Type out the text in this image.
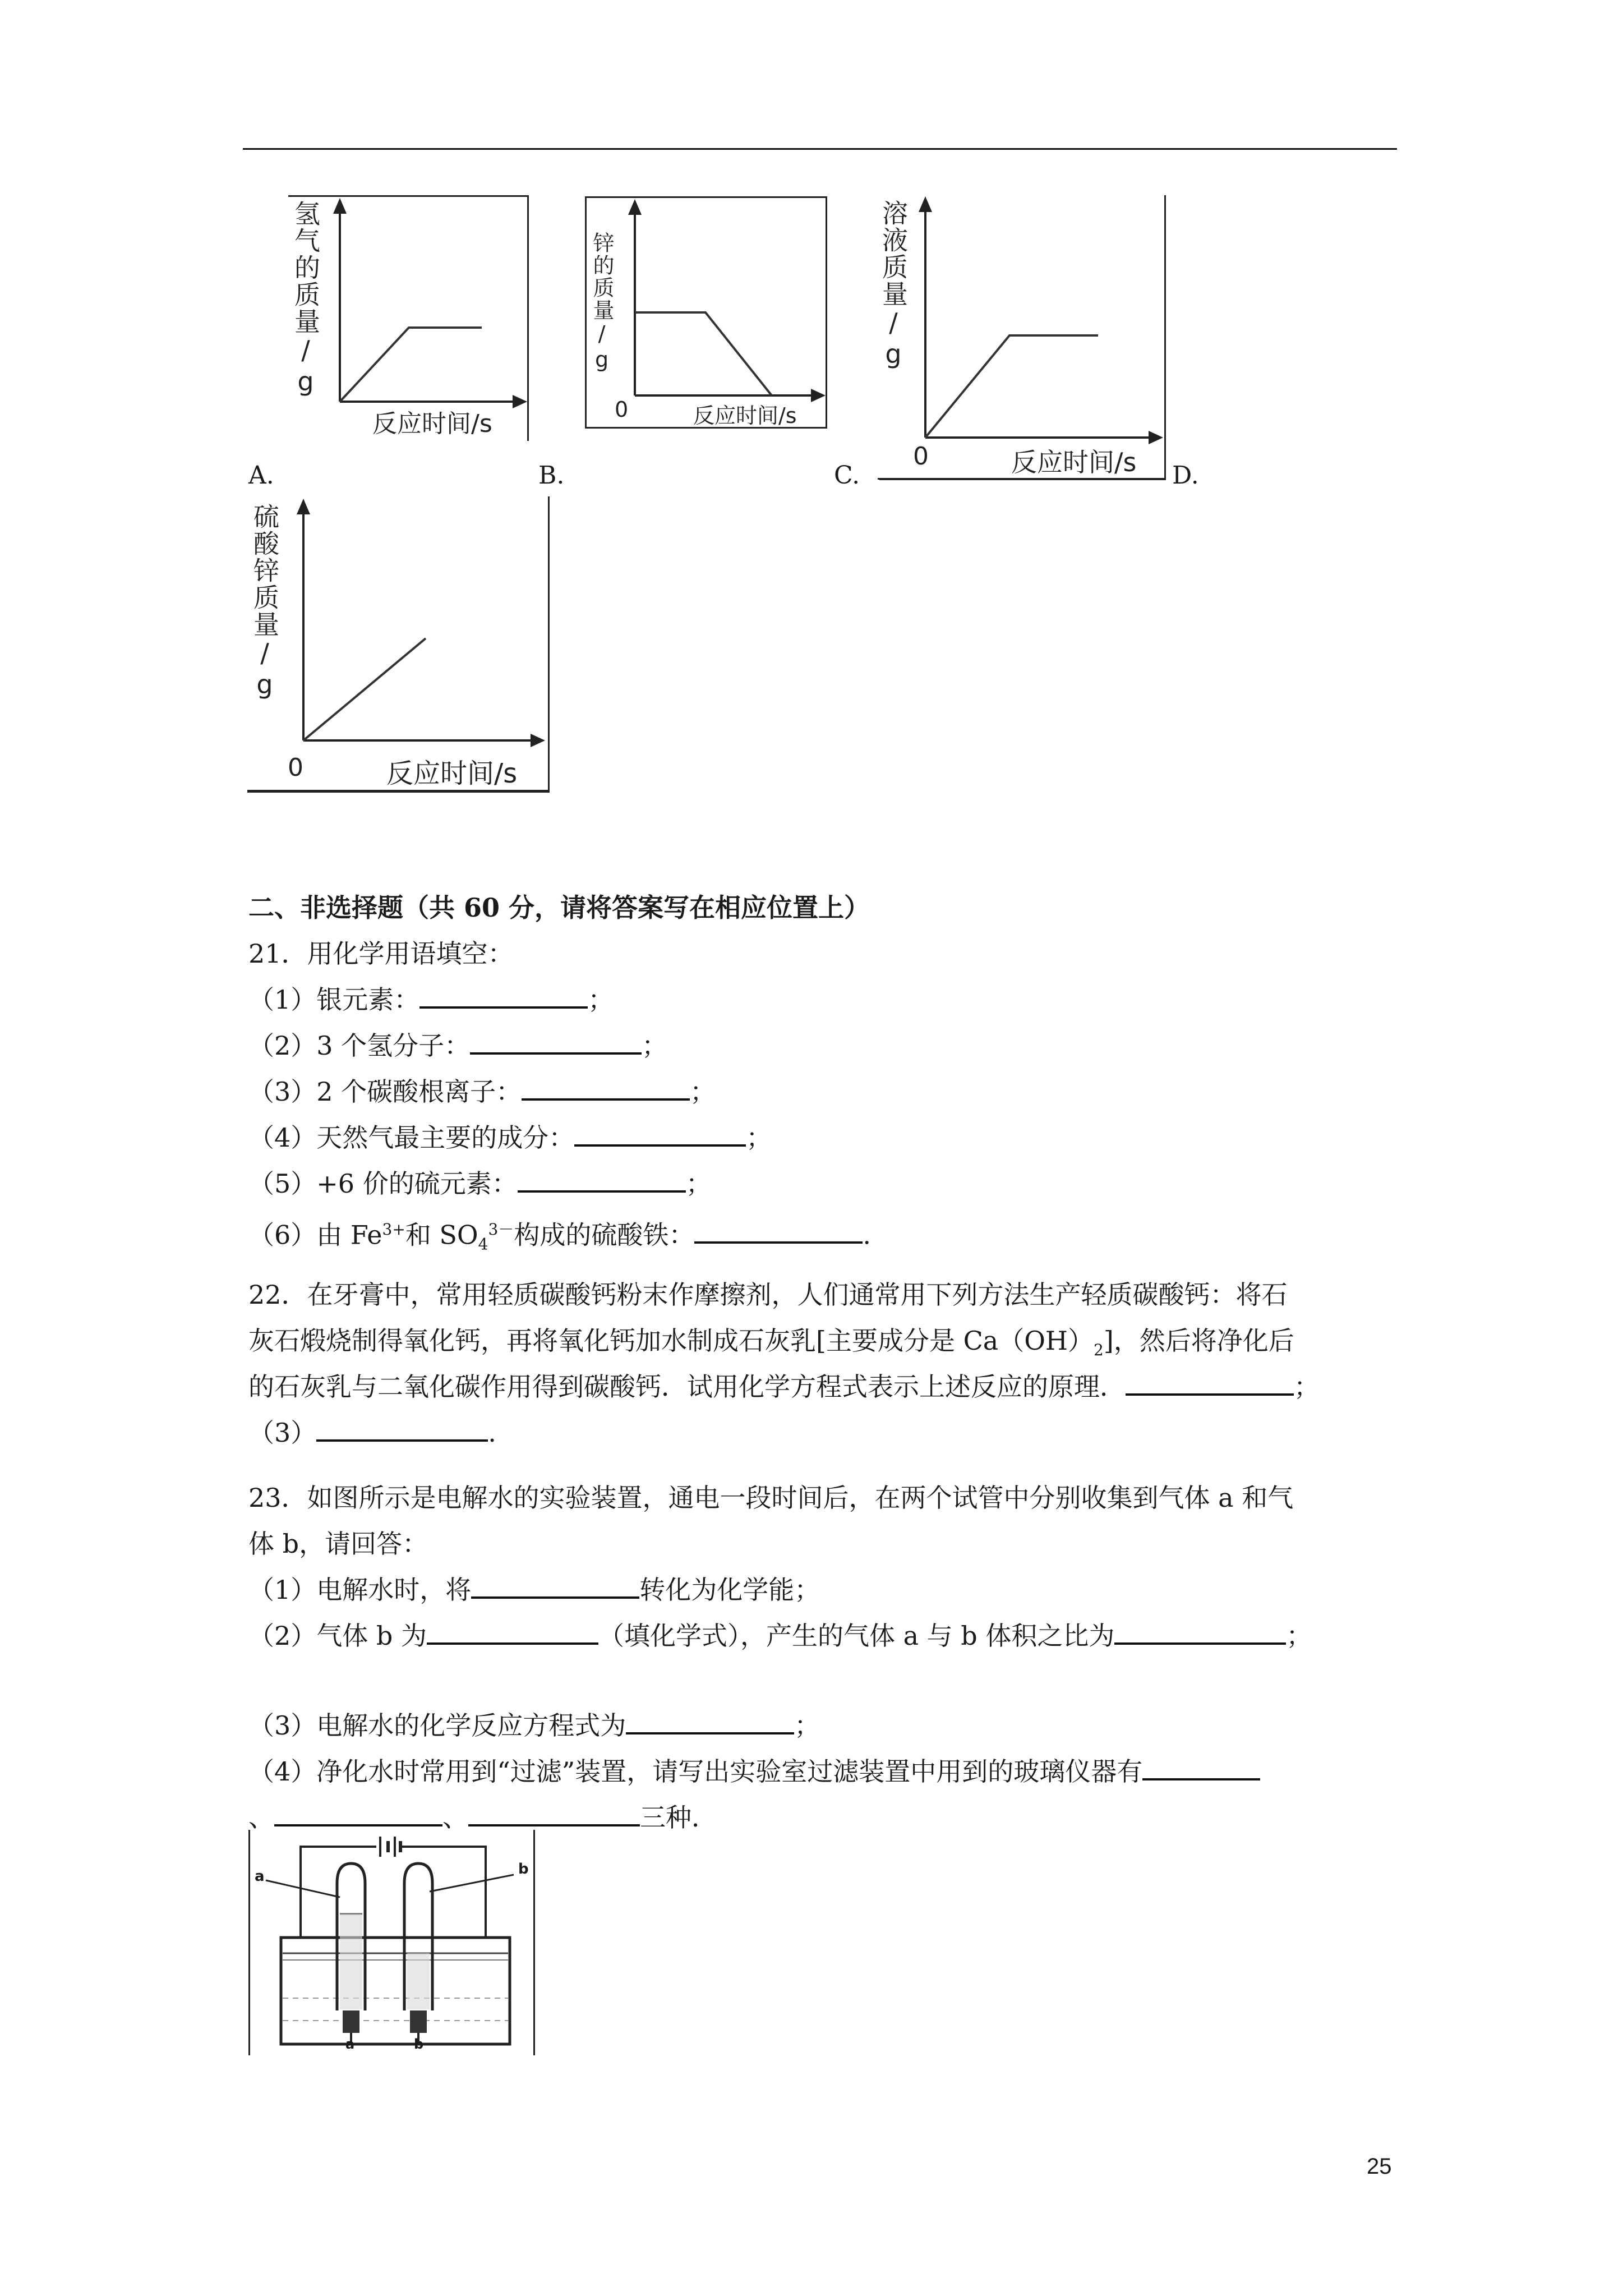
氢气的质量/g
反应时间/s
A.
锌的质量/g
0	反应时间/s
B.
溶液质量/g
0	反应时间/s
C.	D.
硫酸锌质量/g
0	反应时间/s
二、非选择题（共 60 分，请将答案写在相应位置上）
21．用化学用语填空：
（1）银元素：	；
（2）3 个氢分子：	；
（3）2 个碳酸根离子：	；
（4）天然气最主要的成分：	；
（5）+6 价的硫元素：	；
（6）由 $Fe^{3+}$和 $SO_4^{3-}$构成的硫酸铁：	.
22．在牙膏中，常用轻质碳酸钙粉末作摩擦剂，人们通常用下列方法生产轻质碳酸钙：将石
灰石煅烧制得氧化钙，再将氧化钙加水制成石灰乳[主要成分是 $Ca(OH)_2$]，然后将净化后
的石灰乳与二氧化碳作用得到碳酸钙．试用化学方程式表示上述反应的原理．	；
（3）	.
23．如图所示是电解水的实验装置，通电一段时间后，在两个试管中分别收集到气体 a 和气
体 b，请回答：
（1）电解水时，将	转化为化学能；
（2）气体 b 为	（填化学式），产生的气体 a 与 b 体积之比为	；
（3）电解水的化学反应方程式为	；
（4）净化水时常用到“过滤”装置，请写出实验室过滤装置中用到的玻璃仪器有
、	、	三种．
a	b
a	b
25
